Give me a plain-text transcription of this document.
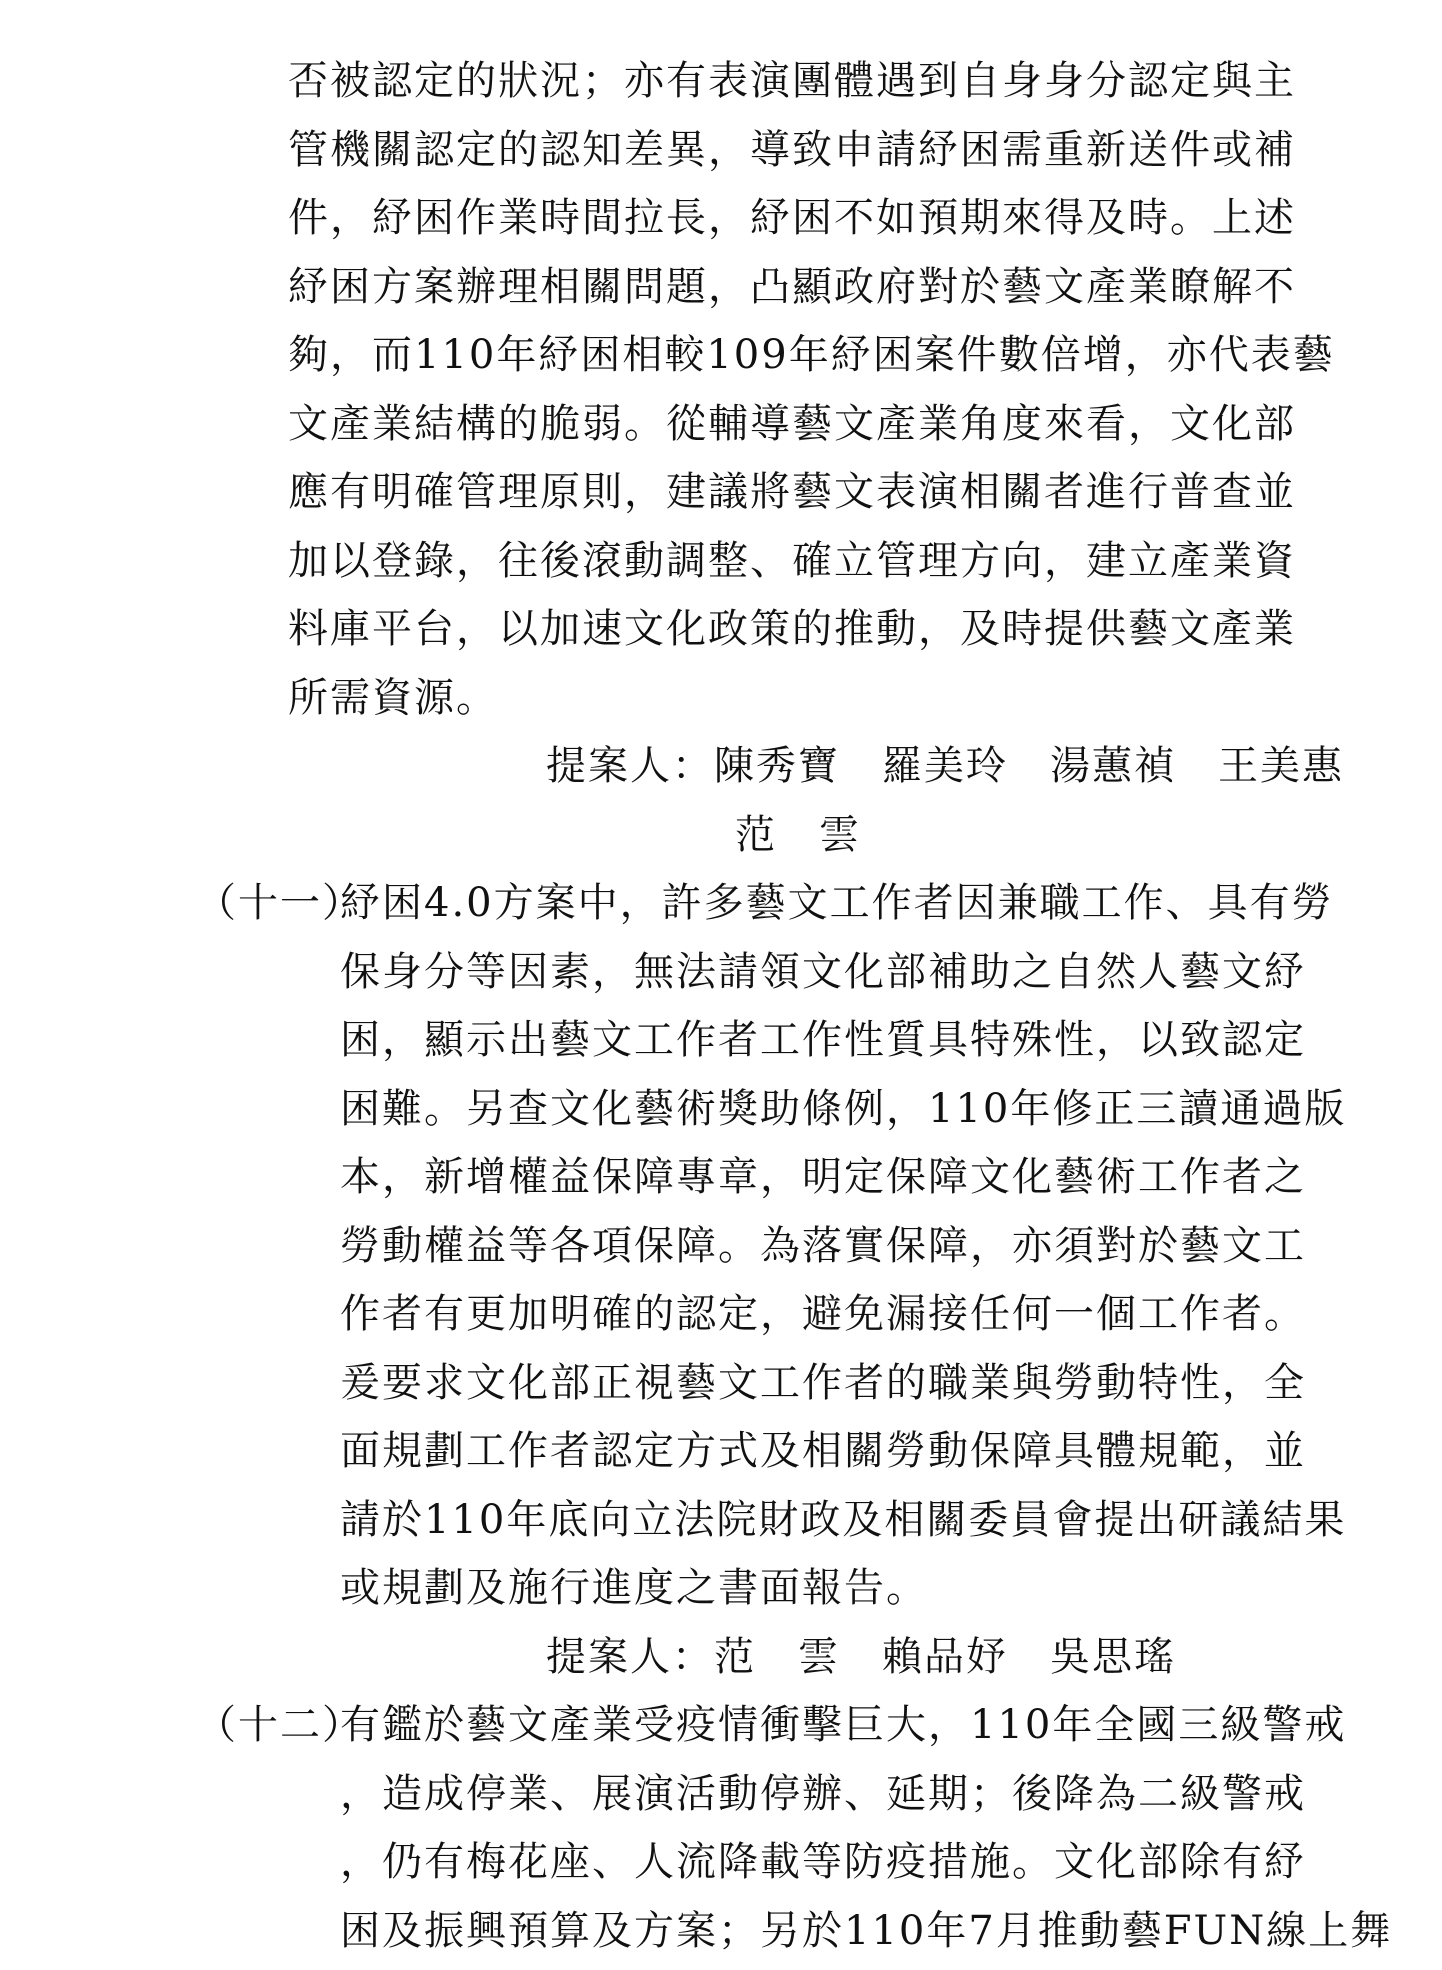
否被認定的狀況；亦有表演團體遇到自身身分認定與主
管機關認定的認知差異，導致申請紓困需重新送件或補
件，紓困作業時間拉長，紓困不如預期來得及時。上述
紓困方案辦理相關問題，凸顯政府對於藝文產業瞭解不
夠，而110年紓困相較109年紓困案件數倍增，亦代表藝
文產業結構的脆弱。從輔導藝文產業角度來看，文化部
應有明確管理原則，建議將藝文表演相關者進行普查並
加以登錄，往後滾動調整、確立管理方向，建立產業資
料庫平台，以加速文化政策的推動，及時提供藝文產業
所需資源。
提案人：陳秀寶　羅美玲　湯蕙禎　王美惠
范　雲
（十一）
紓困4.0方案中，許多藝文工作者因兼職工作、具有勞
保身分等因素，無法請領文化部補助之自然人藝文紓
困，顯示出藝文工作者工作性質具特殊性，以致認定
困難。另查文化藝術獎助條例，110年修正三讀通過版
本，新增權益保障專章，明定保障文化藝術工作者之
勞動權益等各項保障。為落實保障，亦須對於藝文工
作者有更加明確的認定，避免漏接任何一個工作者。
爰要求文化部正視藝文工作者的職業與勞動特性，全
面規劃工作者認定方式及相關勞動保障具體規範，並
請於110年底向立法院財政及相關委員會提出研議結果
或規劃及施行進度之書面報告。
提案人：范　雲　賴品妤　吳思瑤
（十二）
有鑑於藝文產業受疫情衝擊巨大，110年全國三級警戒
，造成停業、展演活動停辦、延期；後降為二級警戒
，仍有梅花座、人流降載等防疫措施。文化部除有紓
困及振興預算及方案；另於110年7月推動藝FUN線上舞
